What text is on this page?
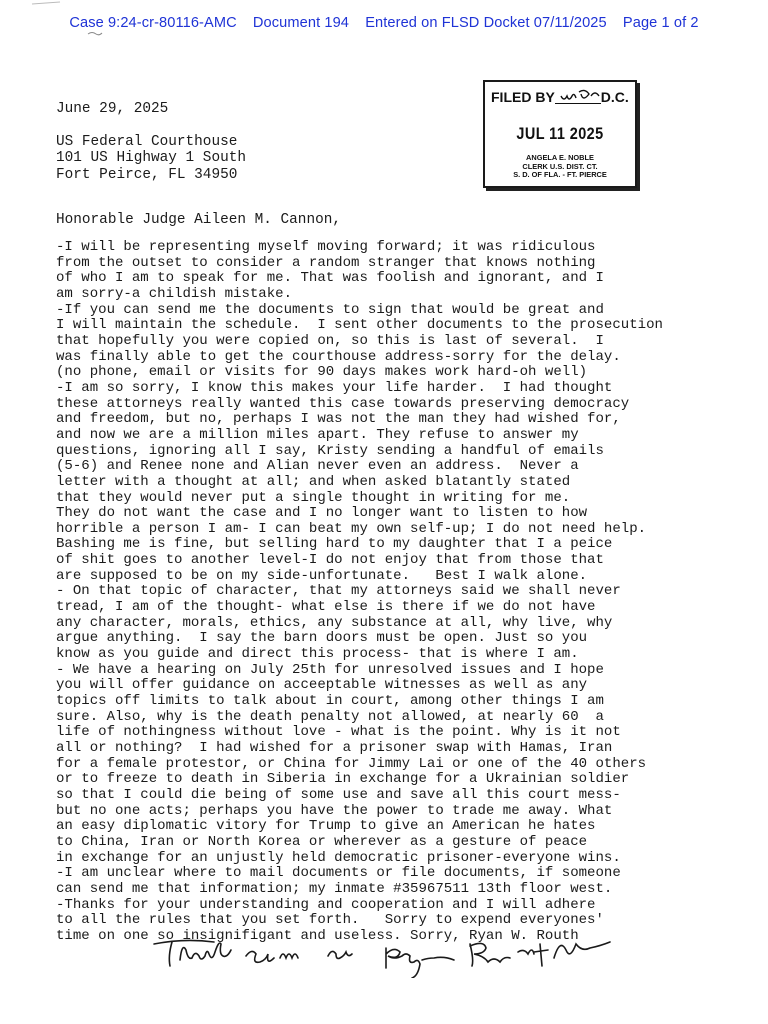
Case 9:24-cr-80116-AMC Document 194 Entered on FLSD Docket 07/11/2025 Page 1 of 2
FILED BY	D.C.
JUL 11 2025
ANGELA E. NOBLE
CLERK U.S. DIST. CT.
S. D. OF FLA. - FT. PIERCE
June 29, 2025
US Federal Courthouse
101 US Highway 1 South
Fort Peirce, FL 34950
Honorable Judge Aileen M. Cannon,
-I will be representing myself moving forward; it was ridiculous
from the outset to consider a random stranger that knows nothing
of who I am to speak for me. That was foolish and ignorant, and I
am sorry-a childish mistake.
-If you can send me the documents to sign that would be great and
I will maintain the schedule.  I sent other documents to the prosecution
that hopefully you were copied on, so this is last of several.  I
was finally able to get the courthouse address-sorry for the delay.
(no phone, email or visits for 90 days makes work hard-oh well)
-I am so sorry, I know this makes your life harder.  I had thought
these attorneys really wanted this case towards preserving democracy
and freedom, but no, perhaps I was not the man they had wished for,
and now we are a million miles apart. They refuse to answer my
questions, ignoring all I say, Kristy sending a handful of emails
(5-6) and Renee none and Alian never even an address.  Never a
letter with a thought at all; and when asked blatantly stated
that they would never put a single thought in writing for me.
They do not want the case and I no longer want to listen to how
horrible a person I am- I can beat my own self-up; I do not need help.
Bashing me is fine, but selling hard to my daughter that I a peice
of shit goes to another level-I do not enjoy that from those that
are supposed to be on my side-unfortunate.   Best I walk alone.
- On that topic of character, that my attorneys said we shall never
tread, I am of the thought- what else is there if we do not have
any character, morals, ethics, any substance at all, why live, why
argue anything.  I say the barn doors must be open. Just so you
know as you guide and direct this process- that is where I am.
- We have a hearing on July 25th for unresolved issues and I hope
you will offer guidance on acceeptable witnesses as well as any
topics off limits to talk about in court, among other things I am
sure. Also, why is the death penalty not allowed, at nearly 60  a
life of nothingness without love - what is the point. Why is it not
all or nothing?  I had wished for a prisoner swap with Hamas, Iran
for a female protestor, or China for Jimmy Lai or one of the 40 others
or to freeze to death in Siberia in exchange for a Ukrainian soldier
so that I could die being of some use and save all this court mess-
but no one acts; perhaps you have the power to trade me away. What
an easy diplomatic vitory for Trump to give an American he hates
to China, Iran or North Korea or wherever as a gesture of peace
in exchange for an unjustly held democratic prisoner-everyone wins.
-I am unclear where to mail documents or file documents, if someone
can send me that information; my inmate #35967511 13th floor west.
-Thanks for your understanding and cooperation and I will adhere
to all the rules that you set forth.   Sorry to expend everyones'
time on one so insignifigant and useless. Sorry, Ryan W. Routh
